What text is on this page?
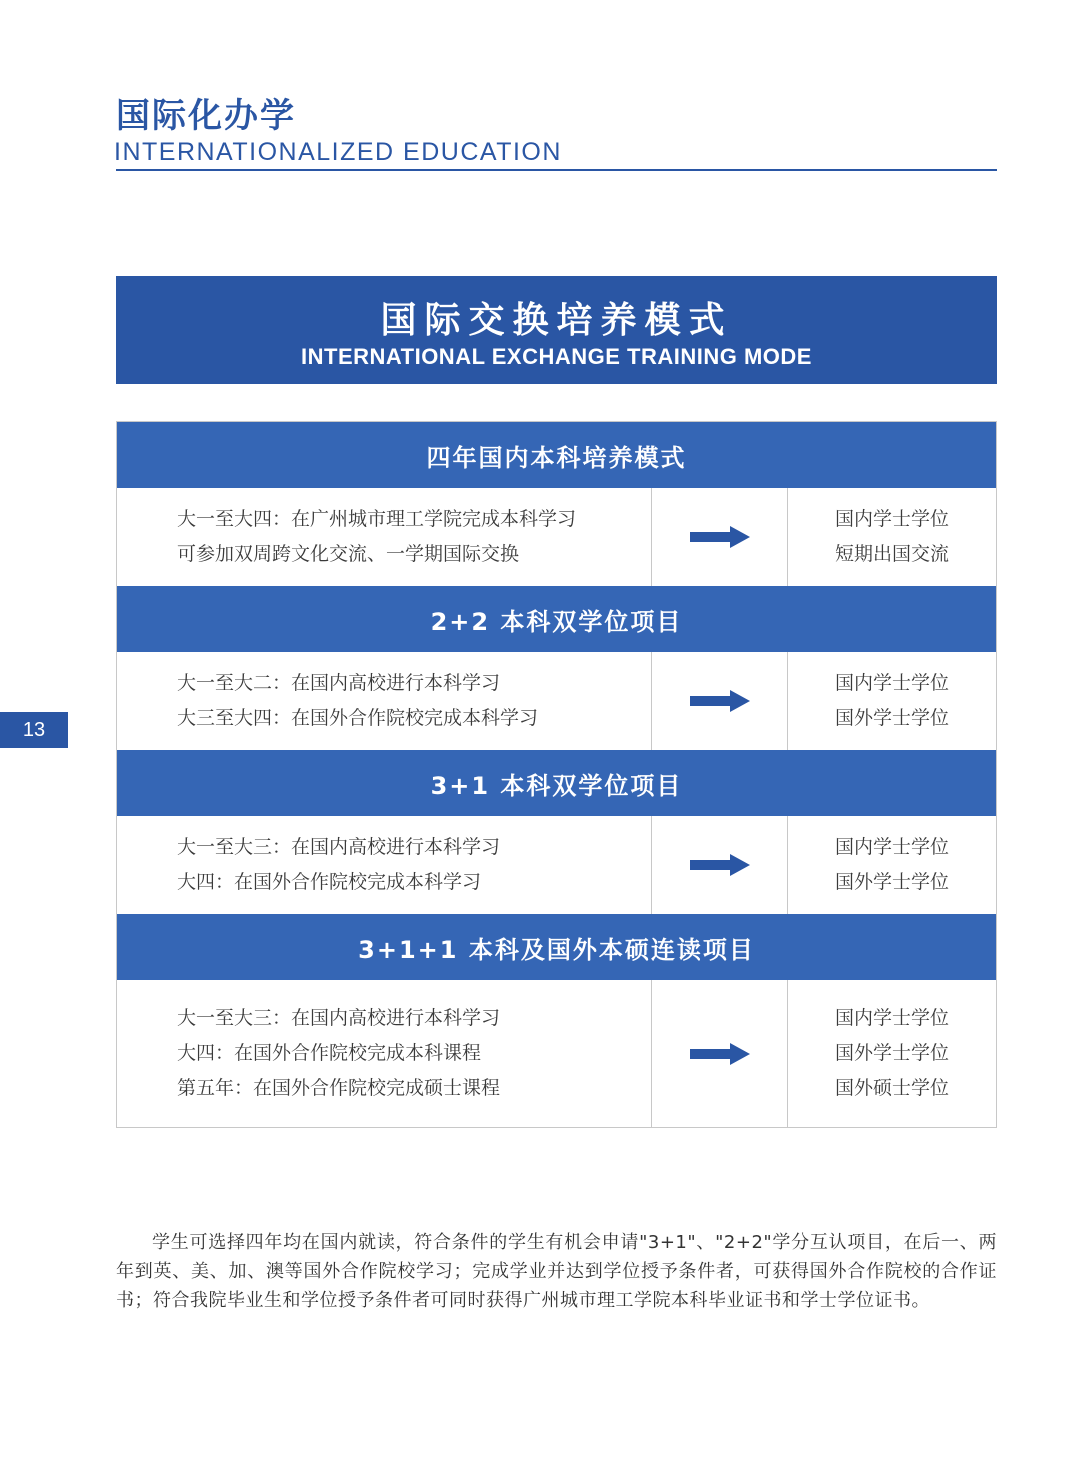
国际化办学
INTERNATIONALIZED EDUCATION
13
国际交换培养模式
INTERNATIONAL EXCHANGE TRAINING MODE
四年国内本科培养模式
大一至大四：在广州城市理工学院完成本科学习
可参加双周跨文化交流、一学期国际交换
国内学士学位
短期出国交流
2+2 本科双学位项目
大一至大二：在国内高校进行本科学习
大三至大四：在国外合作院校完成本科学习
国内学士学位
国外学士学位
3+1 本科双学位项目
大一至大三：在国内高校进行本科学习
大四：在国外合作院校完成本科学习
国内学士学位
国外学士学位
3+1+1 本科及国外本硕连读项目
大一至大三：在国内高校进行本科学习
大四：在国外合作院校完成本科课程
第五年：在国外合作院校完成硕士课程
国内学士学位
国外学士学位
国外硕士学位

学生可选择四年均在国内就读，符合条件的学生有机会申请"3+1"、"2+2"学分互认项目，在后一、两年到英、美、加、澳等国外合作院校学习；完成学业并达到学位授予条件者，可获得国外合作院校的合作证书；符合我院毕业生和学位授予条件者可同时获得广州城市理工学院本科毕业证书和学士学位证书。
